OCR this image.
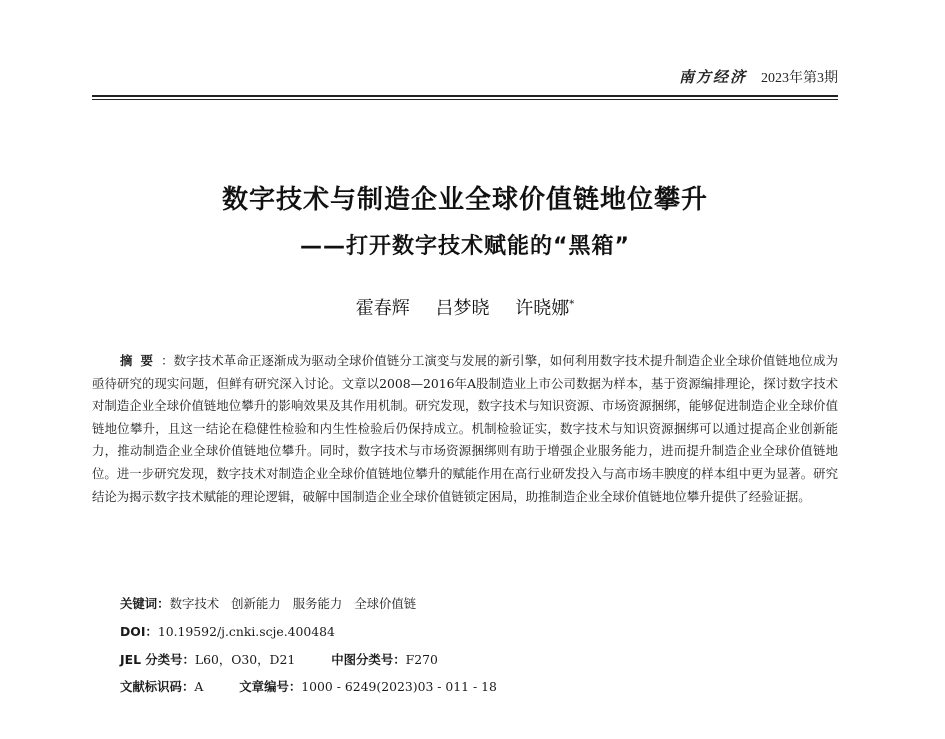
南方经济 2023年第3期
数字技术与制造企业全球价值链地位攀升
——打开数字技术赋能的“黑箱”
霍春辉 吕梦晓 许晓娜*

摘要：数字技术革命正逐渐成为驱动全球价值链分工演变与发展的新引擎，如何利用数字技术提升制造企业全球价值链地位成为亟待研究的现实问题，但鲜有研究深入讨论。文章以2008—2016年A股制造业上市公司数据为样本，基于资源编排理论，探讨数字技术对制造企业全球价值链地位攀升的影响效果及其作用机制。研究发现，数字技术与知识资源、市场资源捆绑，能够促进制造企业全球价值链地位攀升，且这一结论在稳健性检验和内生性检验后仍保持成立。机制检验证实，数字技术与知识资源捆绑可以通过提高企业创新能力，推动制造企业全球价值链地位攀升。同时，数字技术与市场资源捆绑则有助于增强企业服务能力，进而提升制造企业全球价值链地位。进一步研究发现，数字技术对制造企业全球价值链地位攀升的赋能作用在高行业研发投入与高市场丰腴度的样本组中更为显著。研究结论为揭示数字技术赋能的理论逻辑，破解中国制造企业全球价值链锁定困局，助推制造企业全球价值链地位攀升提供了经验证据。

关键词：数字技术 创新能力 服务能力 全球价值链
DOI：10.19592/j.cnki.scje.400484
JEL 分类号：L60，O30，D21	中图分类号：F270
文献标识码：A	文章编号：1000 - 6249(2023)03 - 011 - 18
